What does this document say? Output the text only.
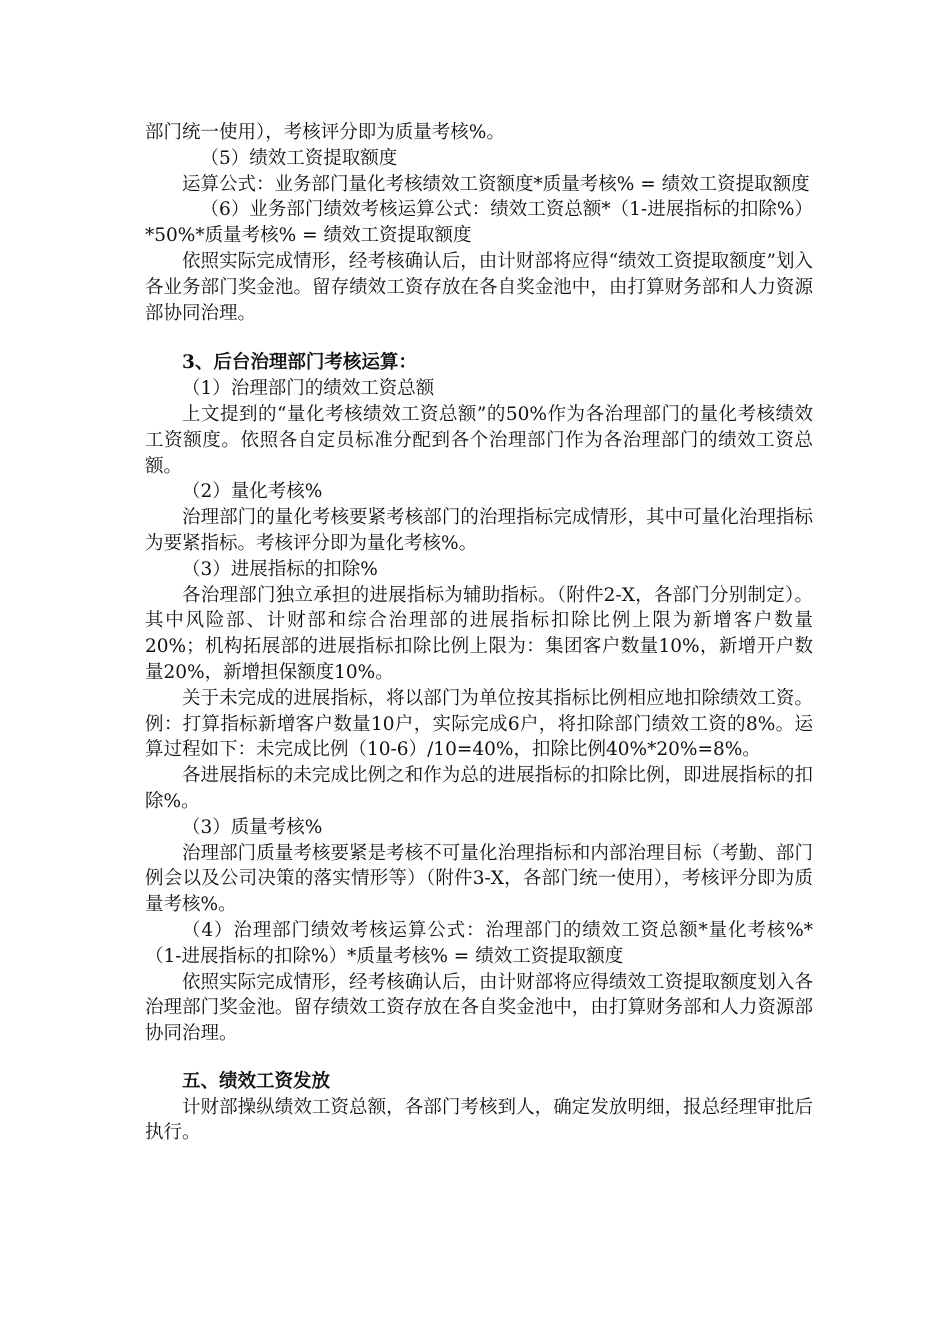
部门统一使用），考核评分即为质量考核%。

（5）绩效工资提取额度

运算公式：业务部门量化考核绩效工资额度*质量考核% = 绩效工资提取额度

（6）业务部门绩效考核运算公式：绩效工资总额*（1-进展指标的扣除%）*50%*质量考核% = 绩效工资提取额度

依照实际完成情形，经考核确认后，由计财部将应得“绩效工资提取额度”划入各业务部门奖金池。留存绩效工资存放在各自奖金池中，由打算财务部和人力资源部协同治理。

3、后台治理部门考核运算：

（1）治理部门的绩效工资总额

上文提到的“量化考核绩效工资总额”的50%作为各治理部门的量化考核绩效工资额度。依照各自定员标准分配到各个治理部门作为各治理部门的绩效工资总额。

（2）量化考核%

治理部门的量化考核要紧考核部门的治理指标完成情形，其中可量化治理指标为要紧指标。考核评分即为量化考核%。

（3）进展指标的扣除%

各治理部门独立承担的进展指标为辅助指标。（附件2-X，各部门分别制定）。其中风险部、计财部和综合治理部的进展指标扣除比例上限为新增客户数量20%；机构拓展部的进展指标扣除比例上限为：集团客户数量10%，新增开户数量20%，新增担保额度10%。

关于未完成的进展指标，将以部门为单位按其指标比例相应地扣除绩效工资。例：打算指标新增客户数量10户，实际完成6户，将扣除部门绩效工资的8%。运算过程如下：未完成比例（10-6）/10=40%，扣除比例40%*20%=8%。

各进展指标的未完成比例之和作为总的进展指标的扣除比例，即进展指标的扣除%。

（3）质量考核%

治理部门质量考核要紧是考核不可量化治理指标和内部治理目标（考勤、部门例会以及公司决策的落实情形等）（附件3-X，各部门统一使用），考核评分即为质量考核%。

（4）治理部门绩效考核运算公式：治理部门的绩效工资总额*量化考核%*（1-进展指标的扣除%）*质量考核% = 绩效工资提取额度

依照实际完成情形，经考核确认后，由计财部将应得绩效工资提取额度划入各治理部门奖金池。留存绩效工资存放在各自奖金池中，由打算财务部和人力资源部协同治理。

五、绩效工资发放

计财部操纵绩效工资总额，各部门考核到人，确定发放明细，报总经理审批后执行。
